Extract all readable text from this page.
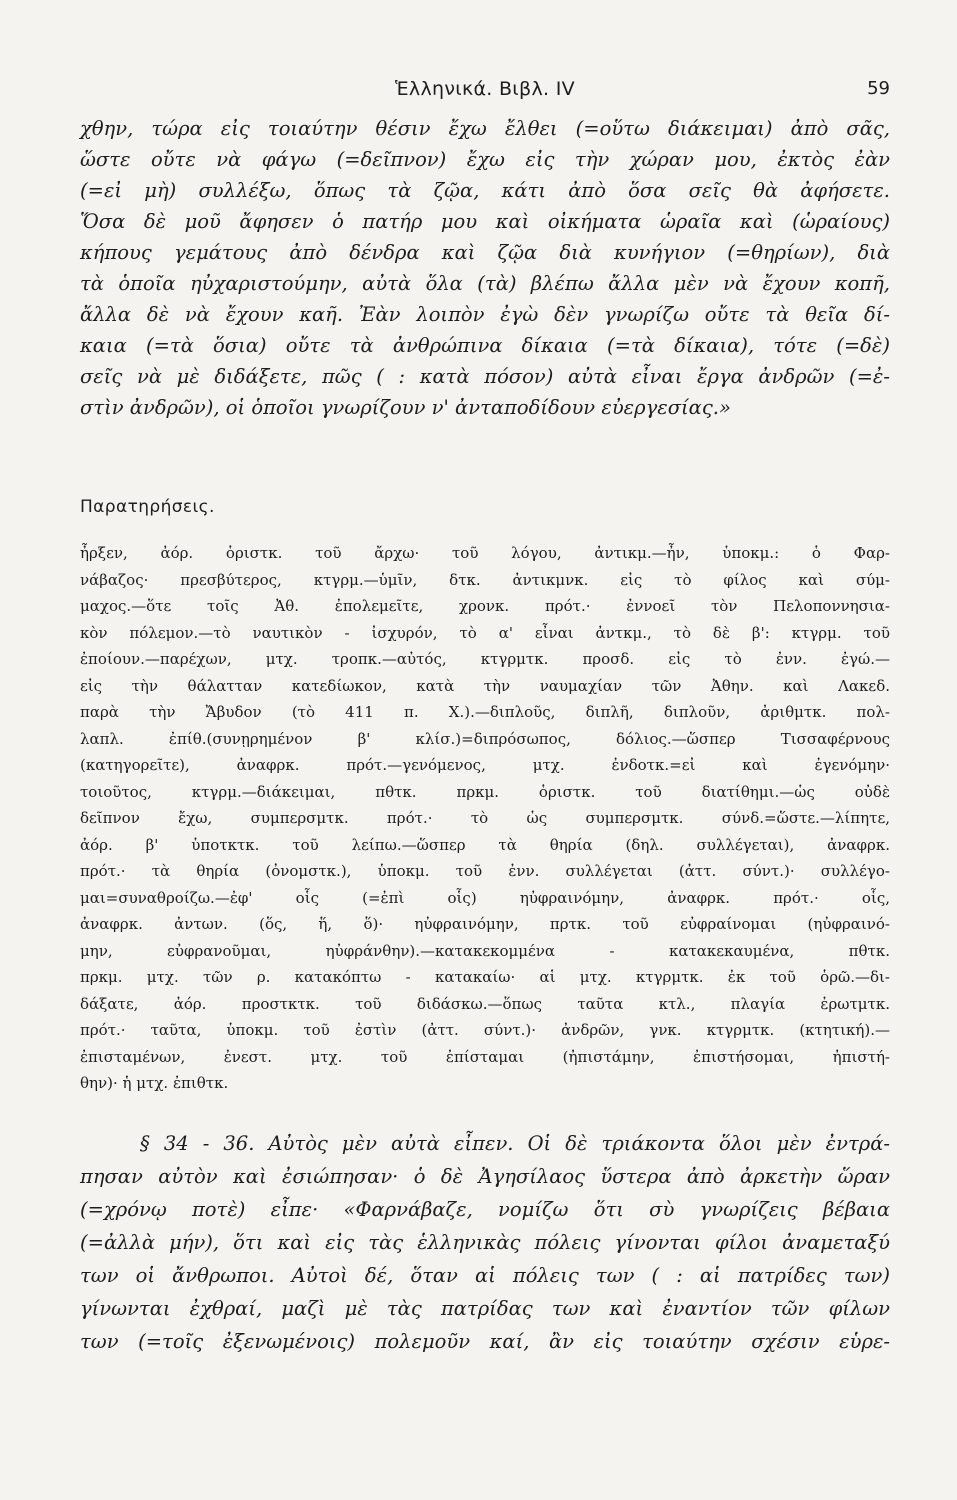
Ἑλληνικά. Βιβλ. IV	59
χθην, τώρα εἰς τοιαύτην θέσιν ἔχω ἔλθει (=οὕτω διάκειμαι) ἀπὸ σᾶς,
ὥστε οὔτε νὰ φάγω (=δεῖπνον) ἔχω εἰς τὴν χώραν μου, ἐκτὸς ἐὰν
(=εἰ μὴ) συλλέξω, ὅπως τὰ ζῷα, κάτι ἀπὸ ὅσα σεῖς θὰ ἀφήσετε.
Ὅσα δὲ μοῦ ἄφησεν ὁ πατήρ μου καὶ οἰκήματα ὡραῖα καὶ (ὡραίους)
κήπους γεμάτους ἀπὸ δένδρα καὶ ζῷα διὰ κυνήγιον (=θηρίων), διὰ
τὰ ὁποῖα ηὐχαριστούμην, αὐτὰ ὅλα (τὰ) βλέπω ἄλλα μὲν νὰ ἔχουν κοπῆ,
ἄλλα δὲ νὰ ἔχουν καῆ. Ἐὰν λοιπὸν ἐγὼ δὲν γνωρίζω οὔτε τὰ θεῖα δί-
καια (=τὰ ὅσια) οὔτε τὰ ἀνθρώπινα δίκαια (=τὰ δίκαια), τότε (=δὲ)
σεῖς νὰ μὲ διδάξετε, πῶς ( : κατὰ πόσον) αὐτὰ εἶναι ἔργα ἀνδρῶν (=ἐ-
στὶν ἀνδρῶν), οἱ ὁποῖοι γνωρίζουν ν' ἀνταποδίδουν εὐεργεσίας.»
Παρατηρήσεις.
ἦρξεν, ἀόρ. ὁριστκ. τοῦ ἄρχω· τοῦ λόγου, ἀντικμ.—ἦν, ὑποκμ.: ὁ Φαρ-
νάβαζος· πρεσβύτερος, κτγρμ.—ὑμῖν, δτκ. ἀντικμνκ. εἰς τὸ φίλος καὶ σύμ-
μαχος.—ὅτε τοῖς Ἀθ. ἐπολεμεῖτε, χρονκ. πρότ.· ἐννοεῖ τὸν Πελοποννησια-
κὸν πόλεμον.—τὸ ναυτικὸν - ἰσχυρόν, τὸ α' εἶναι ἀντκμ., τὸ δὲ β': κτγρμ. τοῦ
ἐποίουν.—παρέχων, μτχ. τροπκ.—αὐτός, κτγρμτκ. προσδ. εἰς τὸ ἐνν. ἐγώ.—
εἰς τὴν θάλατταν κατεδίωκον, κατὰ τὴν ναυμαχίαν τῶν Ἀθην. καὶ Λακεδ.
παρὰ τὴν Ἄβυδον (τὸ 411 π. Χ.).—διπλοῦς, διπλῆ, διπλοῦν, ἀριθμτκ. πολ-
λαπλ. ἐπίθ.(συνῃρημένον β' κλίσ.)=διπρόσωπος, δόλιος.—ὥσπερ Τισσαφέρνους
(κατηγορεῖτε), ἀναφρκ. πρότ.—γενόμενος, μτχ. ἐνδοτκ.=εἰ καὶ ἐγενόμην·
τοιοῦτος, κτγρμ.—διάκειμαι, πθτκ. πρκμ. ὁριστκ. τοῦ διατίθημι.—ὡς οὐδὲ
δεῖπνον ἔχω, συμπερσμτκ. πρότ.· τὸ ὡς συμπερσμτκ. σύνδ.=ὥστε.—λίπητε,
ἀόρ. β' ὑποτκτκ. τοῦ λείπω.—ὥσπερ τὰ θηρία (δηλ. συλλέγεται), ἀναφρκ.
πρότ.· τὰ θηρία (ὀνομστκ.), ὑποκμ. τοῦ ἐνν. συλλέγεται (ἀττ. σύντ.)· συλλέγο-
μαι=συναθροίζω.—ἐφ' οἷς (=ἐπὶ οἷς) ηὐφραινόμην, ἀναφρκ. πρότ.· οἷς,
ἀναφρκ. ἀντων. (ὅς, ἥ, ὅ)· ηὐφραινόμην, πρτκ. τοῦ εὐφραίνομαι (ηὐφραινό-
μην, εὐφρανοῦμαι, ηὐφράνθην).—κατακεκομμένα - κατακεκαυμένα, πθτκ.
πρκμ. μτχ. τῶν ρ. κατακόπτω - κατακαίω· αἱ μτχ. κτγρμτκ. ἐκ τοῦ ὁρῶ.—δι-
δάξατε, ἀόρ. προστκτκ. τοῦ διδάσκω.—ὅπως ταῦτα κτλ., πλαγία ἐρωτμτκ.
πρότ.· ταῦτα, ὑποκμ. τοῦ ἐστὶν (ἀττ. σύντ.)· ἀνδρῶν, γνκ. κτγρμτκ. (κτητική).—
ἐπισταμένων, ἐνεστ. μτχ. τοῦ ἐπίσταμαι (ἠπιστάμην, ἐπιστήσομαι, ἠπιστή-
θην)· ἡ μτχ. ἐπιθτκ.
§ 34 - 36. Αὐτὸς μὲν αὐτὰ εἶπεν. Οἱ δὲ τριάκοντα ὅλοι μὲν ἐντρά-
πησαν αὐτὸν καὶ ἐσιώπησαν· ὁ δὲ Ἀγησίλαος ὕστερα ἀπὸ ἀρκετὴν ὥραν
(=χρόνῳ ποτὲ) εἶπε· «Φαρνάβαζε, νομίζω ὅτι σὺ γνωρίζεις βέβαια
(=ἀλλὰ μήν), ὅτι καὶ εἰς τὰς ἑλληνικὰς πόλεις γίνονται φίλοι ἀναμεταξύ
των οἱ ἄνθρωποι. Αὐτοὶ δέ, ὅταν αἱ πόλεις των ( : αἱ πατρίδες των)
γίνωνται ἐχθραί, μαζὶ μὲ τὰς πατρίδας των καὶ ἐναντίον τῶν φίλων
των (=τοῖς ἐξενωμένοις) πολεμοῦν καί, ἂν εἰς τοιαύτην σχέσιν εὑρε-
